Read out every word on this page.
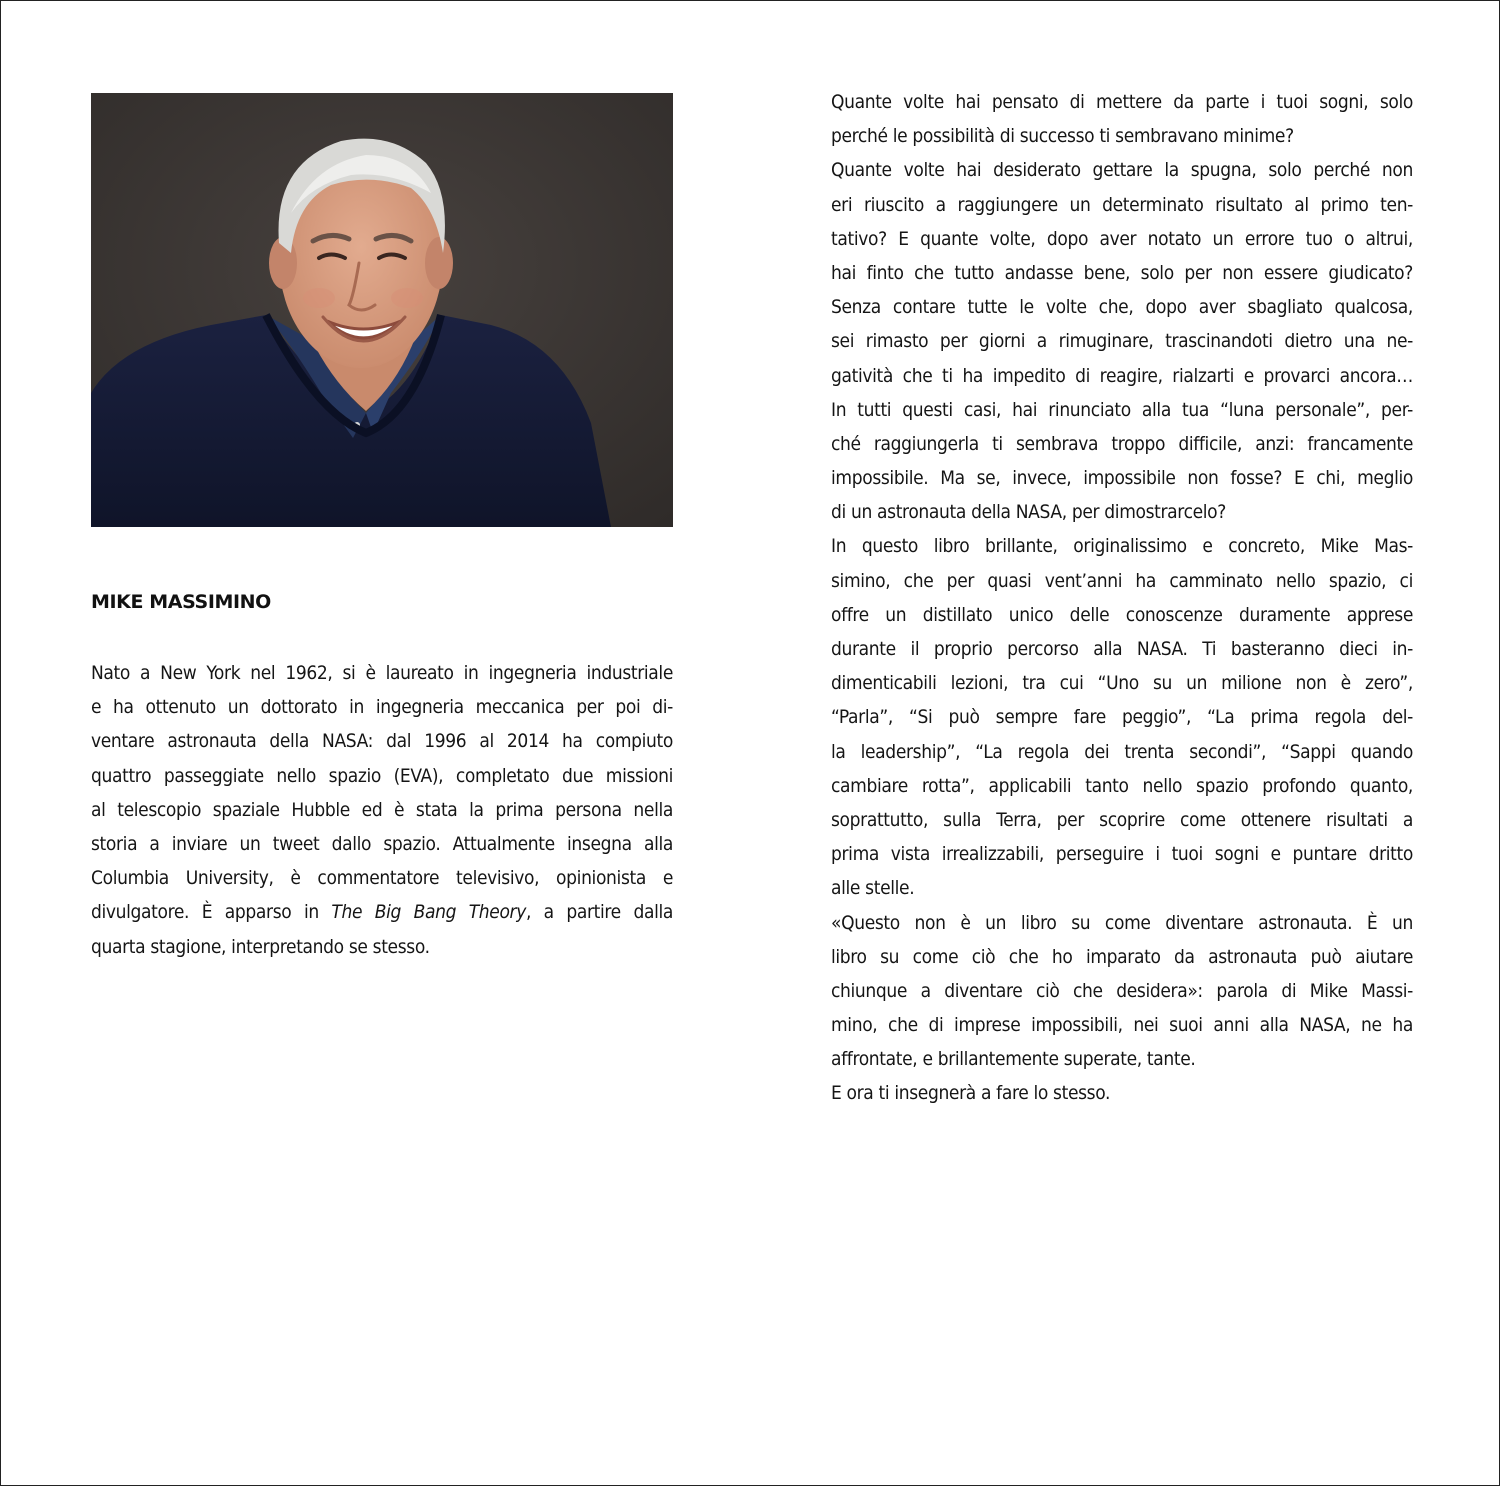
MIKE MASSIMINO
Nato a New York nel 1962, si è laureato in ingegneria industriale
e ha ottenuto un dottorato in ingegneria meccanica per poi di-
ventare astronauta della NASA: dal 1996 al 2014 ha compiuto
quattro passeggiate nello spazio (EVA), completato due missioni
al telescopio spaziale Hubble ed è stata la prima persona nella
storia a inviare un tweet dallo spazio. Attualmente insegna alla
Columbia University, è commentatore televisivo, opinionista e
divulgatore. È apparso in The Big Bang Theory, a partire dalla
quarta stagione, interpretando se stesso.
Quante volte hai pensato di mettere da parte i tuoi sogni, solo
perché le possibilità di successo ti sembravano minime?
Quante volte hai desiderato gettare la spugna, solo perché non
eri riuscito a raggiungere un determinato risultato al primo ten-
tativo? E quante volte, dopo aver notato un errore tuo o altrui,
hai finto che tutto andasse bene, solo per non essere giudicato?
Senza contare tutte le volte che, dopo aver sbagliato qualcosa,
sei rimasto per giorni a rimuginare, trascinandoti dietro una ne-
gatività che ti ha impedito di reagire, rialzarti e provarci ancora…
In tutti questi casi, hai rinunciato alla tua “luna personale”, per-
ché raggiungerla ti sembrava troppo difficile, anzi: francamente
impossibile. Ma se, invece, impossibile non fosse? E chi, meglio
di un astronauta della NASA, per dimostrarcelo?
In questo libro brillante, originalissimo e concreto, Mike Mas-
simino, che per quasi vent’anni ha camminato nello spazio, ci
offre un distillato unico delle conoscenze duramente apprese
durante il proprio percorso alla NASA. Ti basteranno dieci in-
dimenticabili lezioni, tra cui “Uno su un milione non è zero”,
“Parla”, “Si può sempre fare peggio”, “La prima regola del-
la leadership”, “La regola dei trenta secondi”, “Sappi quando
cambiare rotta”, applicabili tanto nello spazio profondo quanto,
soprattutto, sulla Terra, per scoprire come ottenere risultati a
prima vista irrealizzabili, perseguire i tuoi sogni e puntare dritto
alle stelle.
«Questo non è un libro su come diventare astronauta. È un
libro su come ciò che ho imparato da astronauta può aiutare
chiunque a diventare ciò che desidera»: parola di Mike Massi-
mino, che di imprese impossibili, nei suoi anni alla NASA, ne ha
affrontate, e brillantemente superate, tante.
E ora ti insegnerà a fare lo stesso.
